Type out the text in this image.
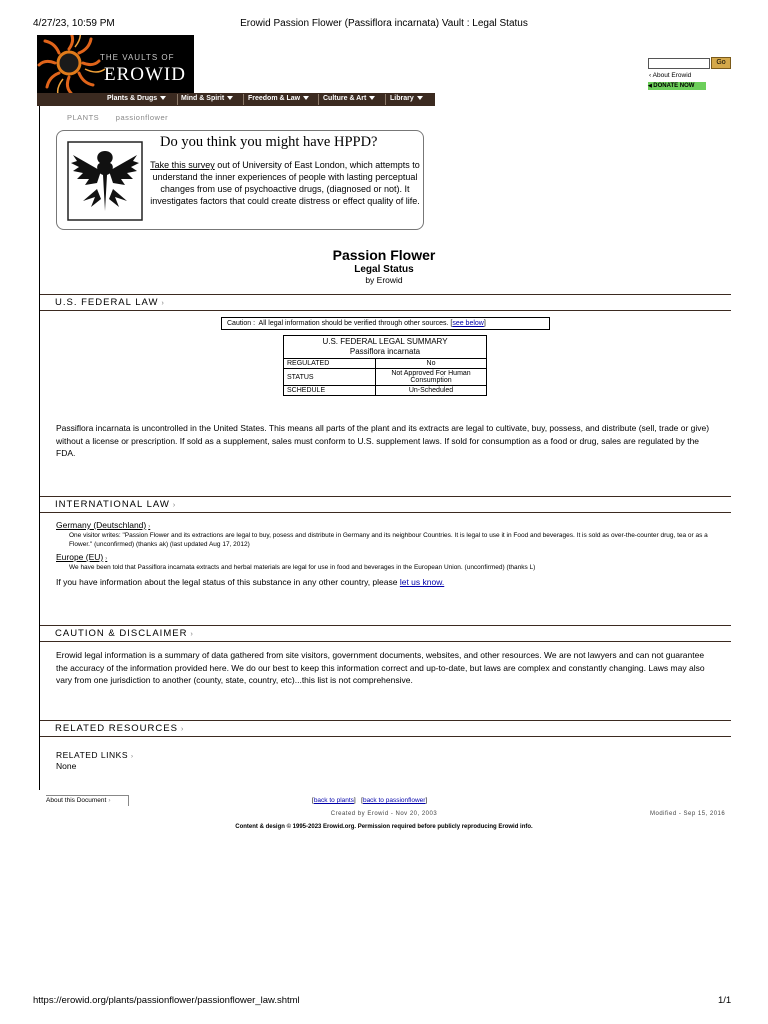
4/27/23, 10:59 PM	Erowid Passion Flower (Passiflora incarnata) Vault : Legal Status
THE VAULTS OF
EROWID
Plants & Drugs	Mind & Spirit	Freedom & Law	Culture & Art	Library
Go
‹ About Erowid
◀ DONATE NOW
PLANTS passionflower
Do you think you might have HPPD?
Take this survey out of University of East London, which attempts to understand the inner experiences of people with lasting perceptual changes from use of psychoactive drugs, (diagnosed or not). It investigates factors that could create distress or effect quality of life.
Passion Flower
Legal Status
by Erowid
U.S. FEDERAL LAW ›
Caution : All legal information should be verified through other sources. [see below]
U.S. FEDERAL LEGAL SUMMARY
Passiflora incarnata	
REGULATED	No
STATUS	Not Approved For Human Consumption
SCHEDULE	Un-Scheduled
Passiflora incarnata is uncontrolled in the United States. This means all parts of the plant and its extracts are legal to cultivate, buy, possess, and distribute (sell, trade or give) without a license or prescription. If sold as a supplement, sales must conform to U.S. supplement laws. If sold for consumption as a food or drug, sales are regulated by the FDA.
INTERNATIONAL LAW ›
Germany (Deutschland) ›
One visitor writes: "Passion Flower and its extractions are legal to buy, posess and distribute in Germany and its neighbour Countries. It is legal to use it in Food and beverages. It is sold as over-the-counter drug, tea or as a Flower." (unconfirmed) (thanks ak) (last updated Aug 17, 2012)
Europe (EU) ›
We have been told that Passiflora incarnata extracts and herbal materials are legal for use in food and beverages in the European Union. (unconfirmed) (thanks L)
If you have information about the legal status of this substance in any other country, please let us know.
CAUTION & DISCLAIMER ›
Erowid legal information is a summary of data gathered from site visitors, government documents, websites, and other resources. We are not lawyers and can not guarantee the accuracy of the information provided here. We do our best to keep this information correct and up-to-date, but laws are complex and constantly changing. Laws may also vary from one jurisdiction to another (county, state, country, etc)...this list is not comprehensive.
RELATED RESOURCES ›
RELATED LINKS ›
None
About this Document ›	[back to plants]   [back to passionflower]
Created by Erowid - Nov 20, 2003	Modified - Sep 15, 2016
Content & design © 1995-2023 Erowid.org. Permission required before publicly reproducing Erowid info.
https://erowid.org/plants/passionflower/passionflower_law.shtml	1/1
